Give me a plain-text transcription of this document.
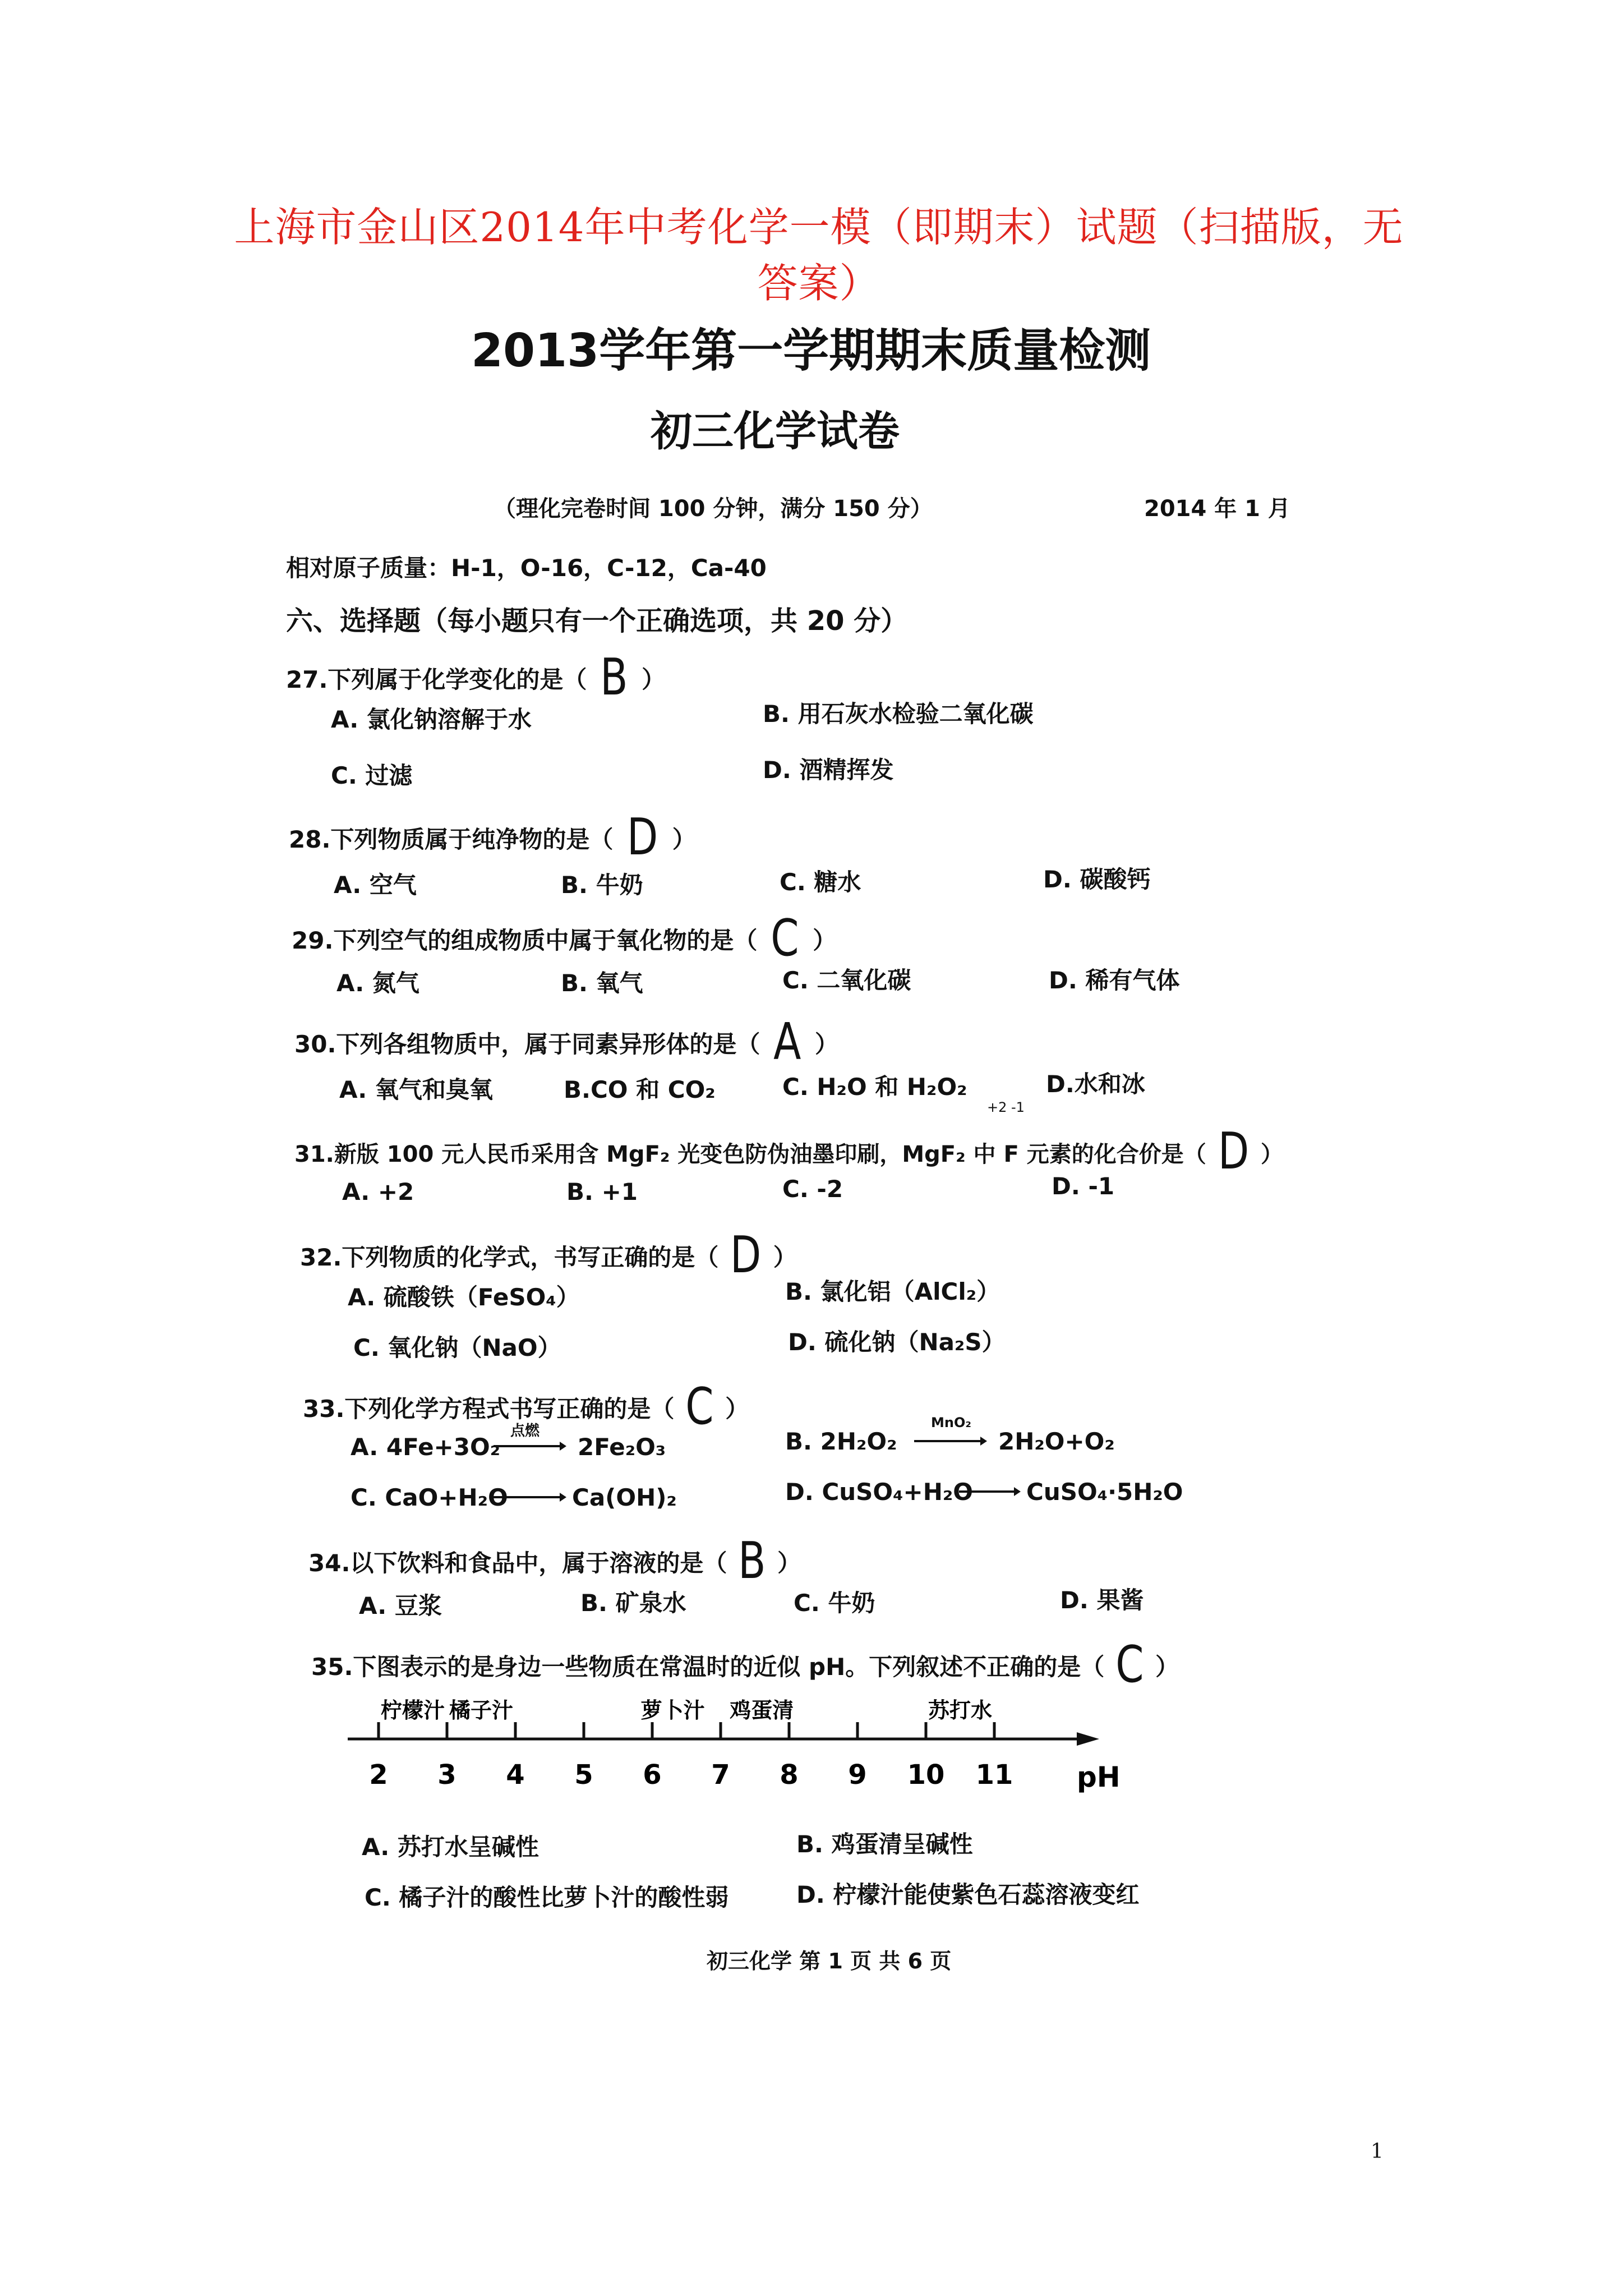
上海市金山区2014年中考化学一模（即期末）试题（扫描版，无答案）
2013学年第一学期期末质量检测
初三化学试卷
（理化完卷时间 100 分钟，满分 150 分）	2014 年 1 月
相对原子质量：H-1，O-16，C-12，Ca-40
六、选择题（每小题只有一个正确选项，共 20 分）
27.下列属于化学变化的是（ B ）
A. 氯化钠溶解于水	B. 用石灰水检验二氧化碳
C. 过滤	D. 酒精挥发
28.下列物质属于纯净物的是（ D ）
A. 空气	B. 牛奶	C. 糖水	D. 碳酸钙
29.下列空气的组成物质中属于氧化物的是（ C ）
A. 氮气	B. 氧气	C. 二氧化碳	D. 稀有气体
30.下列各组物质中，属于同素异形体的是（ A ）
A. 氧气和臭氧	B.CO 和 CO₂	C. H₂O 和 H₂O₂	D.水和冰
+2 -1
31.新版 100 元人民币采用含 MgF₂ 光变色防伪油墨印刷，MgF₂ 中 F 元素的化合价是（ D ）
A. +2	B. +1	C. -2	D. -1
32.下列物质的化学式，书写正确的是（ D ）
A. 硫酸铁（FeSO₄）	B. 氯化铝（AlCl₂）
C. 氧化钠（NaO）	D. 硫化钠（Na₂S）
33.下列化学方程式书写正确的是（ C ）
A. 4Fe+3O₂
点燃
2Fe₂O₃	B. 2H₂O₂
MnO₂
2H₂O+O₂
C. CaO+H₂O	Ca(OH)₂	D. CuSO₄+H₂O CuSO₄·5H₂O
34.以下饮料和食品中，属于溶液的是（ B ）
A. 豆浆	B. 矿泉水	C. 牛奶	D. 果酱
35.下图表示的是身边一些物质在常温时的近似 pH。下列叙述不正确的是（ C ）
2 3 4 5 6 7 8 9 10 11
柠檬汁 橘子汁	萝卜汁 鸡蛋清	苏打水
pH
A. 苏打水呈碱性	B. 鸡蛋清呈碱性
C. 橘子汁的酸性比萝卜汁的酸性弱	D. 柠檬汁能使紫色石蕊溶液变红
初三化学 第 1 页 共 6 页
1
